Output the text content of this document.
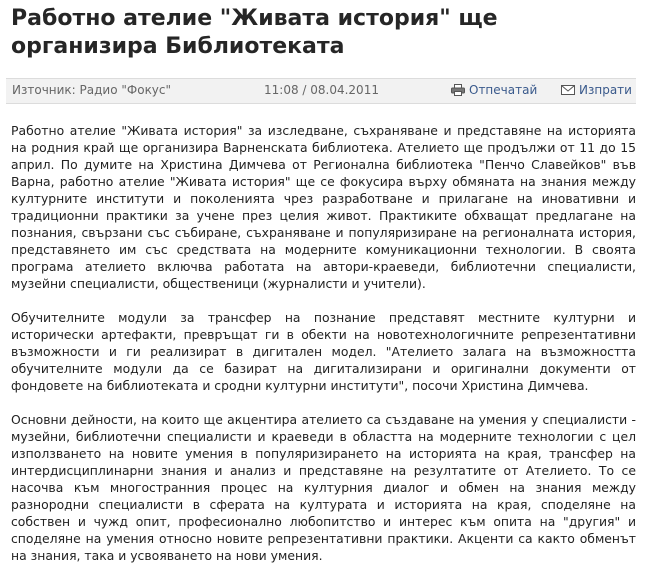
Работно ателие "Живата история" ще организира Библиотеката
Източник: Радио "Фокус"	11:08 / 08.04.2011	Отпечатай	Изпрати

Работно ателие "Живата история" за изследване, съхраняване и представяне на историята на родния край ще организира Варненската библиотека. Ателието ще продължи от 11 до 15 април. По думите на Христина Димчева от Регионална библиотека "Пенчо Славейков" във Варна, работно ателие "Живата история" ще се фокусира върху обмяната на знания между културните институти и поколенията чрез разработване и прилагане на иновативни и традиционни практики за учене през целия живот. Практиките обхващат предлагане на познания, свързани със събиране, съхраняване и популяризиране на регионалната история, представянето им със средствата на модерните комуникационни технологии. В своята програма ателието включва работата на автори-краеведи, библиотечни специалисти, музейни специалисти, общественици (журналисти и учители).

Обучителните модули за трансфер на познание представят местните културни и исторически артефакти, превръщат ги в обекти на новотехнологичните репрезентативни възможности и ги реализират в дигитален модел. "Ателието залага на възможността обучителните модули да се базират на дигитализирани и оригинални документи от фондовете на библиотеката и сродни културни институти", посочи Христина Димчева.

Основни дейности, на които ще акцентира ателието са създаване на умения у специалисти - музейни, библиотечни специалисти и краеведи в областта на модерните технологии с цел използването на новите умения в популяризирането на историята на края, трансфер на интердисциплинарни знания и анализ и представяне на резултатите от Ателието. То се насочва към многостранния процес на културния диалог и обмен на знания между разнородни специалисти в сферата на културата и историята на края, споделяне на собствен и чужд опит, професионално любопитство и интерес към опита на "другия" и споделяне на умения относно новите репрезентативни практики. Акценти са както обменът на знания, така и усвояването на нови умения.
